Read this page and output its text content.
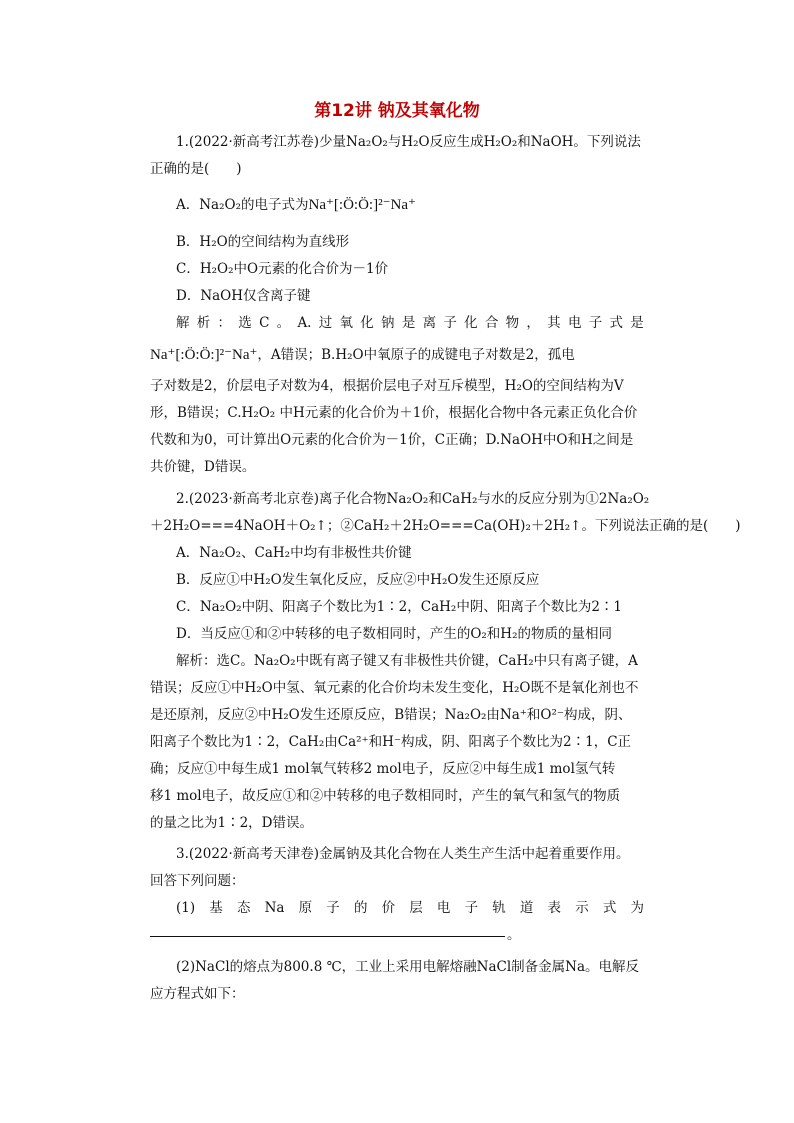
第12讲 钠及其氧化物
1.(2022·新高考江苏卷)少量Na₂O₂与H₂O反应生成H₂O₂和NaOH。下列说法
正确的是(　　)
A．Na₂O₂的电子式为Na⁺[:Ö:Ö:]²⁻Na⁺
B．H₂O的空间结构为直线形
C．H₂O₂中O元素的化合价为－1价
D．NaOH仅含离子键
解 析 ： 选 C 。 A. 过 氧 化 钠 是 离 子 化 合 物 ， 其 电 子 式 是
Na⁺[:Ö:Ö:]²⁻Na⁺，A错误；B.H₂O中氧原子的成键电子对数是2，孤电
子对数是2，价层电子对数为4，根据价层电子对互斥模型，H₂O的空间结构为V
形，B错误；C.H₂O₂ 中H元素的化合价为＋1价，根据化合物中各元素正负化合价
代数和为0，可计算出O元素的化合价为－1价，C正确；D.NaOH中O和H之间是
共价键，D错误。
2.(2023·新高考北京卷)离子化合物Na₂O₂和CaH₂与水的反应分别为①2Na₂O₂
＋2H₂O===4NaOH＋O₂↑；②CaH₂＋2H₂O===Ca(OH)₂＋2H₂↑。下列说法正确的是(　　)
A．Na₂O₂、CaH₂中均有非极性共价键
B．反应①中H₂O发生氧化反应，反应②中H₂O发生还原反应
C．Na₂O₂中阴、阳离子个数比为1∶2，CaH₂中阴、阳离子个数比为2∶1
D．当反应①和②中转移的电子数相同时，产生的O₂和H₂的物质的量相同
解析：选C。Na₂O₂中既有离子键又有非极性共价键，CaH₂中只有离子键，A
错误；反应①中H₂O中氢、氧元素的化合价均未发生变化，H₂O既不是氧化剂也不
是还原剂，反应②中H₂O发生还原反应，B错误；Na₂O₂由Na⁺和O²⁻构成，阴、
阳离子个数比为1∶2，CaH₂由Ca²⁺和H⁻构成，阴、阳离子个数比为2∶1，C正
确；反应①中每生成1 mol氧气转移2 mol电子，反应②中每生成1 mol氢气转
移1 mol电子，故反应①和②中转移的电子数相同时，产生的氧气和氢气的物质
的量之比为1∶2，D错误。
3.(2022·新高考天津卷)金属钠及其化合物在人类生产生活中起着重要作用。
回答下列问题：
(1) 基 态 Na 原 子 的 价 层 电 子 轨 道 表 示 式 为
。
(2)NaCl的熔点为800.8 ℃，工业上采用电解熔融NaCl制备金属Na。电解反
应方程式如下：
